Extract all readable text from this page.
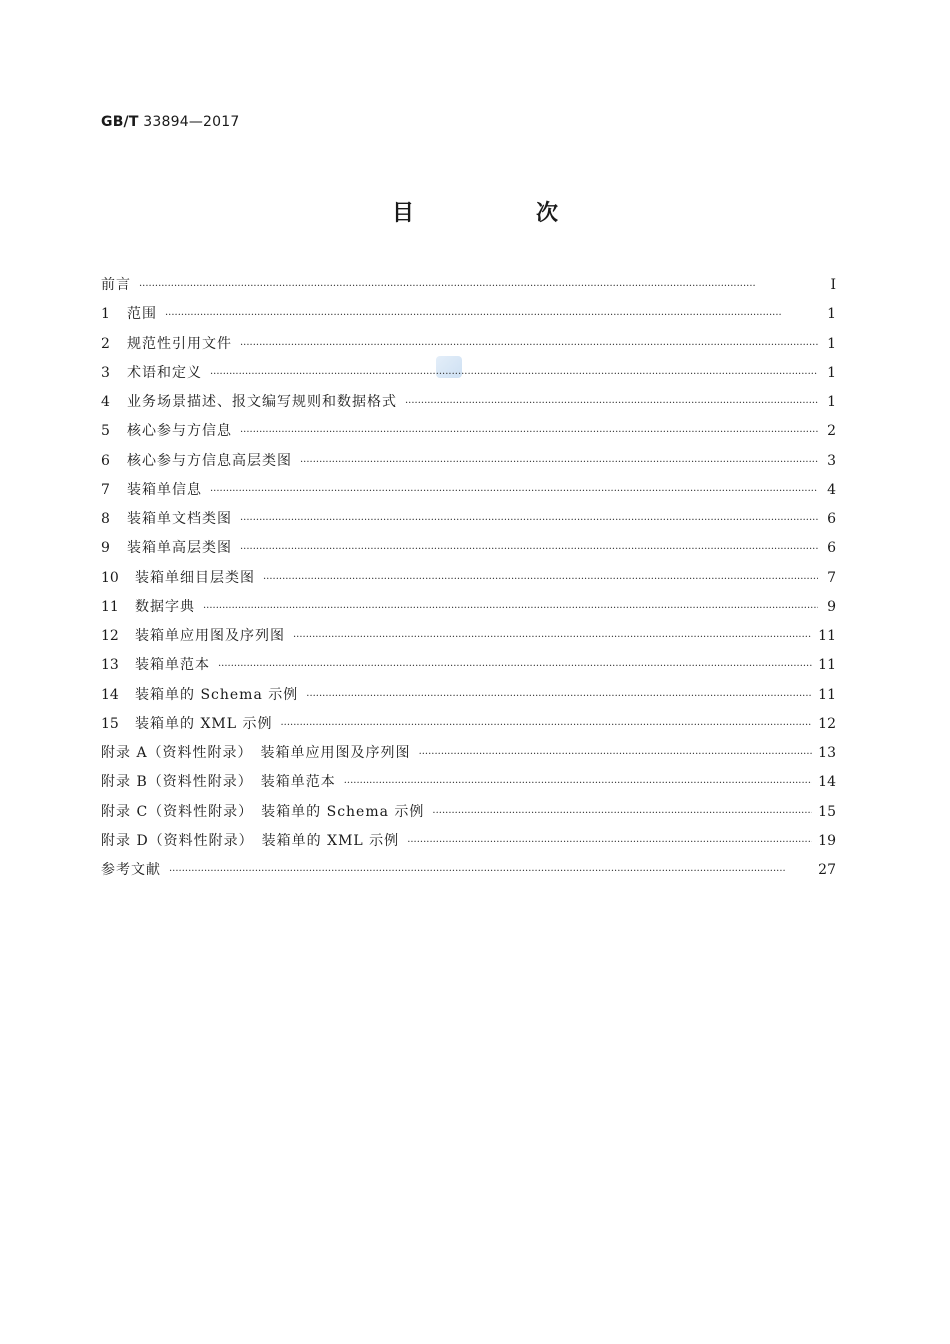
GB/T 33894—2017
目　次
前言 ·····	Ⅰ
1	范围 ·····	1
2	规范性引用文件 ·····	1
3	术语和定义 ·····	1
4	业务场景描述、报文编写规则和数据格式 ·····	1
5	核心参与方信息 ·····	2
6	核心参与方信息高层类图 ·····	3
7	装箱单信息 ·····	4
8	装箱单文档类图 ·····	6
9	装箱单高层类图 ·····	6
10	装箱单细目层类图 ·····	7
11	数据字典 ·····	9
12	装箱单应用图及序列图 ·····	11
13	装箱单范本 ·····	11
14	装箱单的 Schema 示例 ·····	11
15	装箱单的 XML 示例 ·····	12
附录 A（资料性附录）　装箱单应用图及序列图 ·····	13
附录 B（资料性附录）　装箱单范本 ·····	14
附录 C（资料性附录）　装箱单的 Schema 示例 ·····	15
附录 D（资料性附录）　装箱单的 XML 示例 ·····	19
参考文献 ·····	27
